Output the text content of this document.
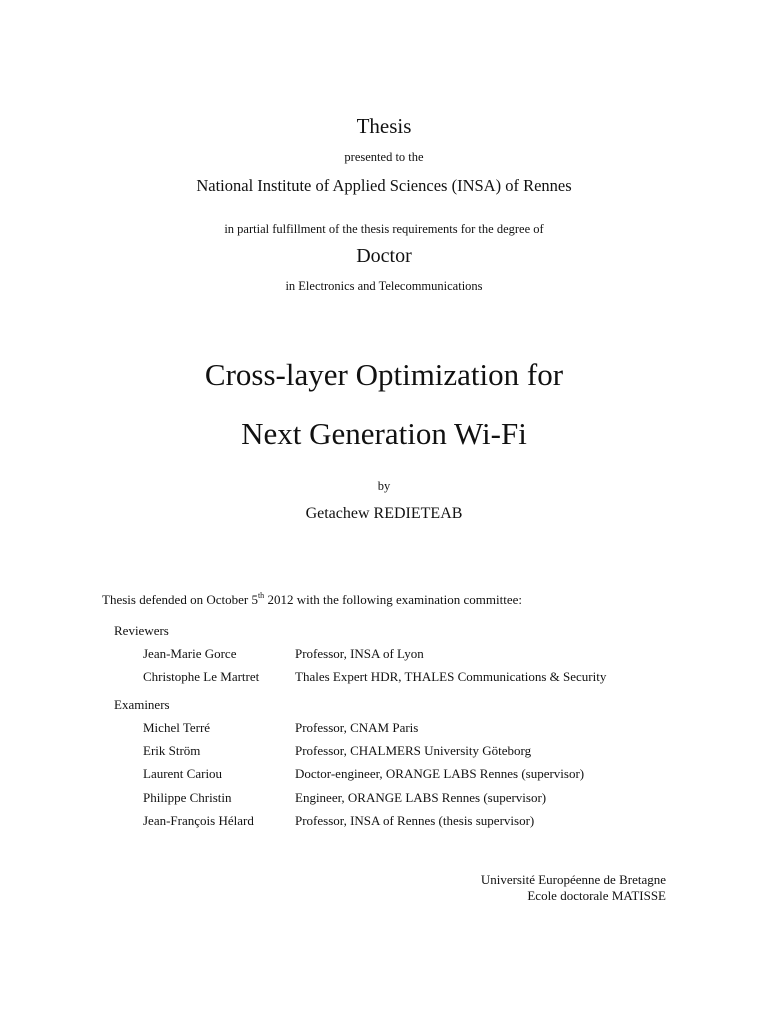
Thesis
presented to the
National Institute of Applied Sciences (INSA) of Rennes
in partial fulfillment of the thesis requirements for the degree of
Doctor
in Electronics and Telecommunications
Cross-layer Optimization for
Next Generation Wi-Fi
by
Getachew REDIETEAB
Thesis defended on October 5th 2012 with the following examination committee:
Reviewers
Jean-Marie Gorce	Professor, INSA of Lyon
Christophe Le Martret	Thales Expert HDR, THALES Communications & Security
Examiners
Michel Terré	Professor, CNAM Paris
Erik Ström	Professor, CHALMERS University Göteborg
Laurent Cariou	Doctor-engineer, ORANGE LABS Rennes (supervisor)
Philippe Christin	Engineer, ORANGE LABS Rennes (supervisor)
Jean-François Hélard	Professor, INSA of Rennes (thesis supervisor)
Université Européenne de Bretagne
Ecole doctorale MATISSE
